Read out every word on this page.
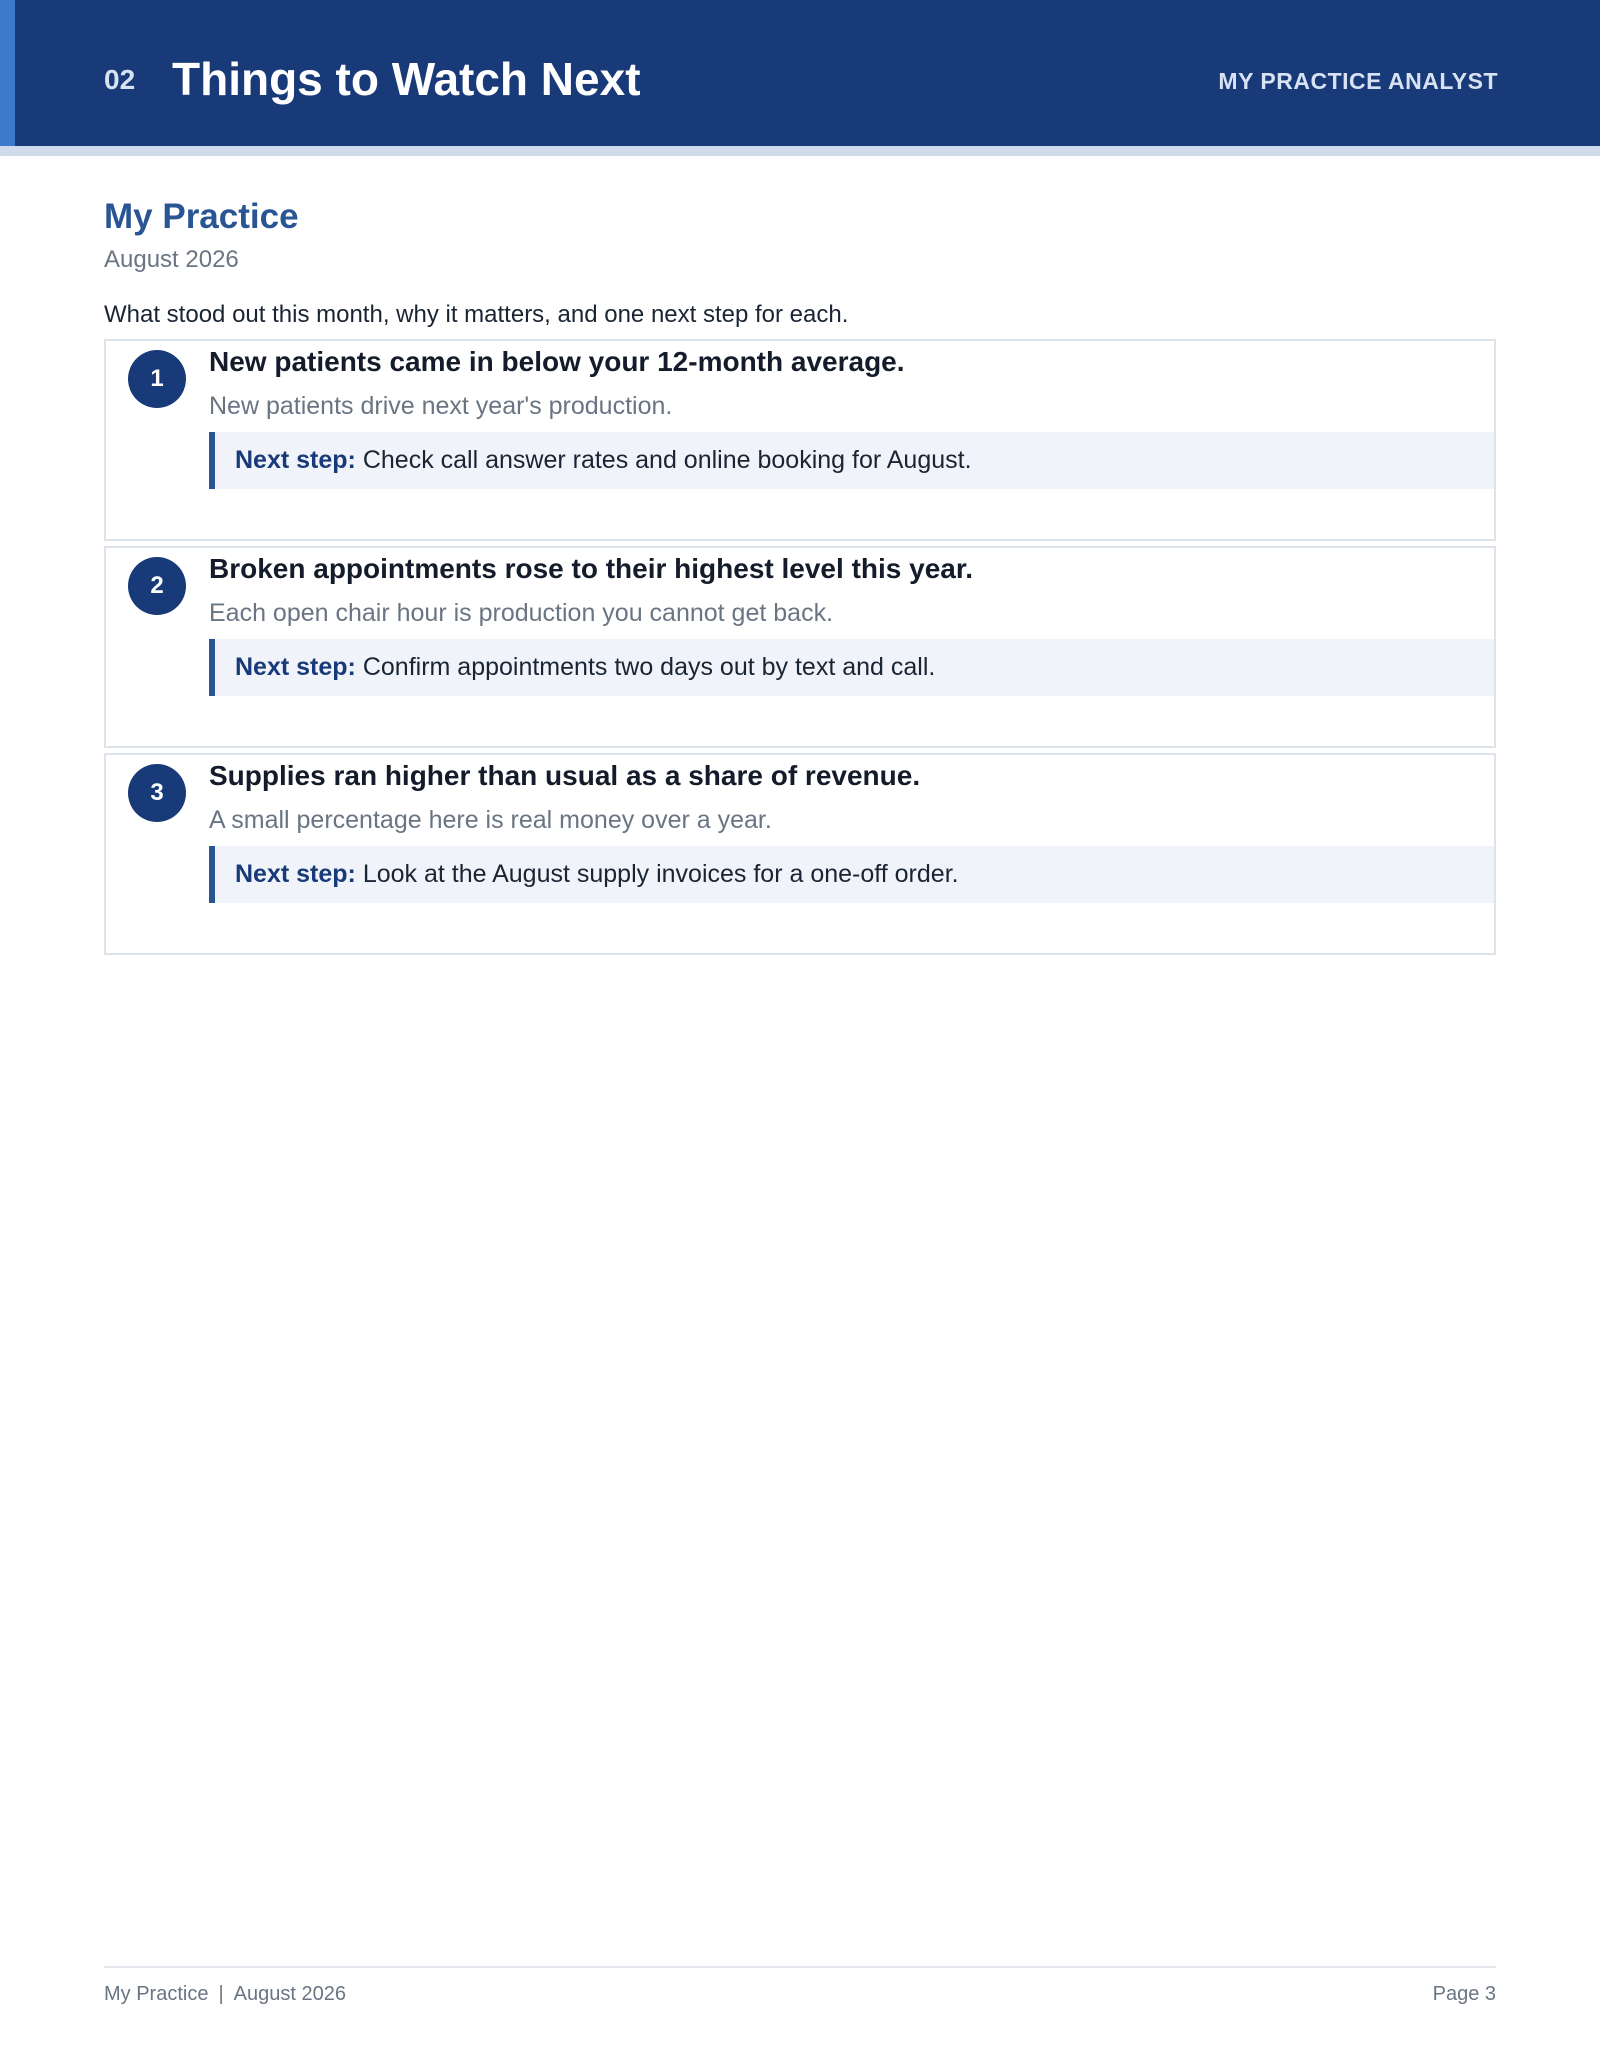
02 Things to Watch Next	MY PRACTICE ANALYST
My Practice
August 2026
What stood out this month, why it matters, and one next step for each.
1
New patients came in below your 12-month average.
New patients drive next year's production.
Next step: Check call answer rates and online booking for August.
2
Broken appointments rose to their highest level this year.
Each open chair hour is production you cannot get back.
Next step: Confirm appointments two days out by text and call.
3
Supplies ran higher than usual as a share of revenue.
A small percentage here is real money over a year.
Next step: Look at the August supply invoices for a one-off order.
My Practice | August 2026	Page 3
